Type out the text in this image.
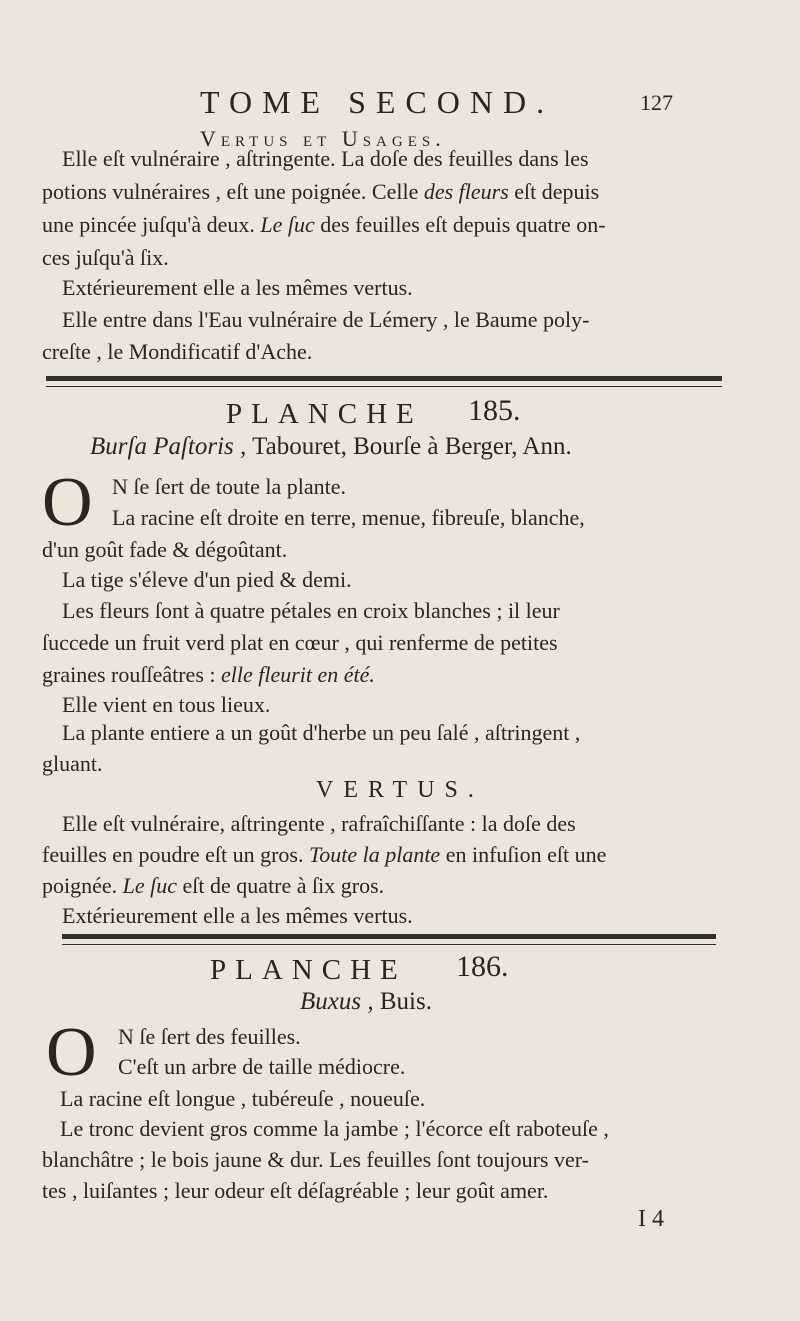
TOME SECOND.	127
Vertus et Usages.
Elle eſt vulnéraire , aſtringente. La doſe des feuilles dans les
potions vulnéraires , eſt une poignée. Celle des fleurs eſt depuis
une pincée juſqu'à deux. Le ſuc des feuilles eſt depuis quatre on-
ces juſqu'à ſix.
Extérieurement elle a les mêmes vertus.
Elle entre dans l'Eau vulnéraire de Lémery , le Baume poly-
creſte , le Mondificatif d'Ache.
PLANCHE 185.
Burſa Paſtoris , Tabouret, Bourſe à Berger, Ann.
O N ſe ſert de toute la plante.
La racine eſt droite en terre, menue, fibreuſe, blanche,
d'un goût fade & dégoûtant.
La tige s'éleve d'un pied & demi.
Les fleurs ſont à quatre pétales en croix blanches ; il leur
ſuccede un fruit verd plat en cœur , qui renferme de petites
graines rouſſeâtres : elle fleurit en été.
Elle vient en tous lieux.
La plante entiere a un goût d'herbe un peu ſalé , aſtringent ,
gluant.
VERTUS.
Elle eſt vulnéraire, aſtringente , rafraîchiſſante : la doſe des
feuilles en poudre eſt un gros. Toute la plante en infuſion eſt une
poignée. Le ſuc eſt de quatre à ſix gros.
Extérieurement elle a les mêmes vertus.
PLANCHE 186.
Buxus , Buis.
O N ſe ſert des feuilles.
C'eſt un arbre de taille médiocre.
La racine eſt longue , tubéreuſe , noueuſe.
Le tronc devient gros comme la jambe ; l'écorce eſt raboteuſe ,
blanchâtre ; le bois jaune & dur. Les feuilles ſont toujours ver-
tes , luiſantes ; leur odeur eſt déſagréable ; leur goût amer.
I 4
